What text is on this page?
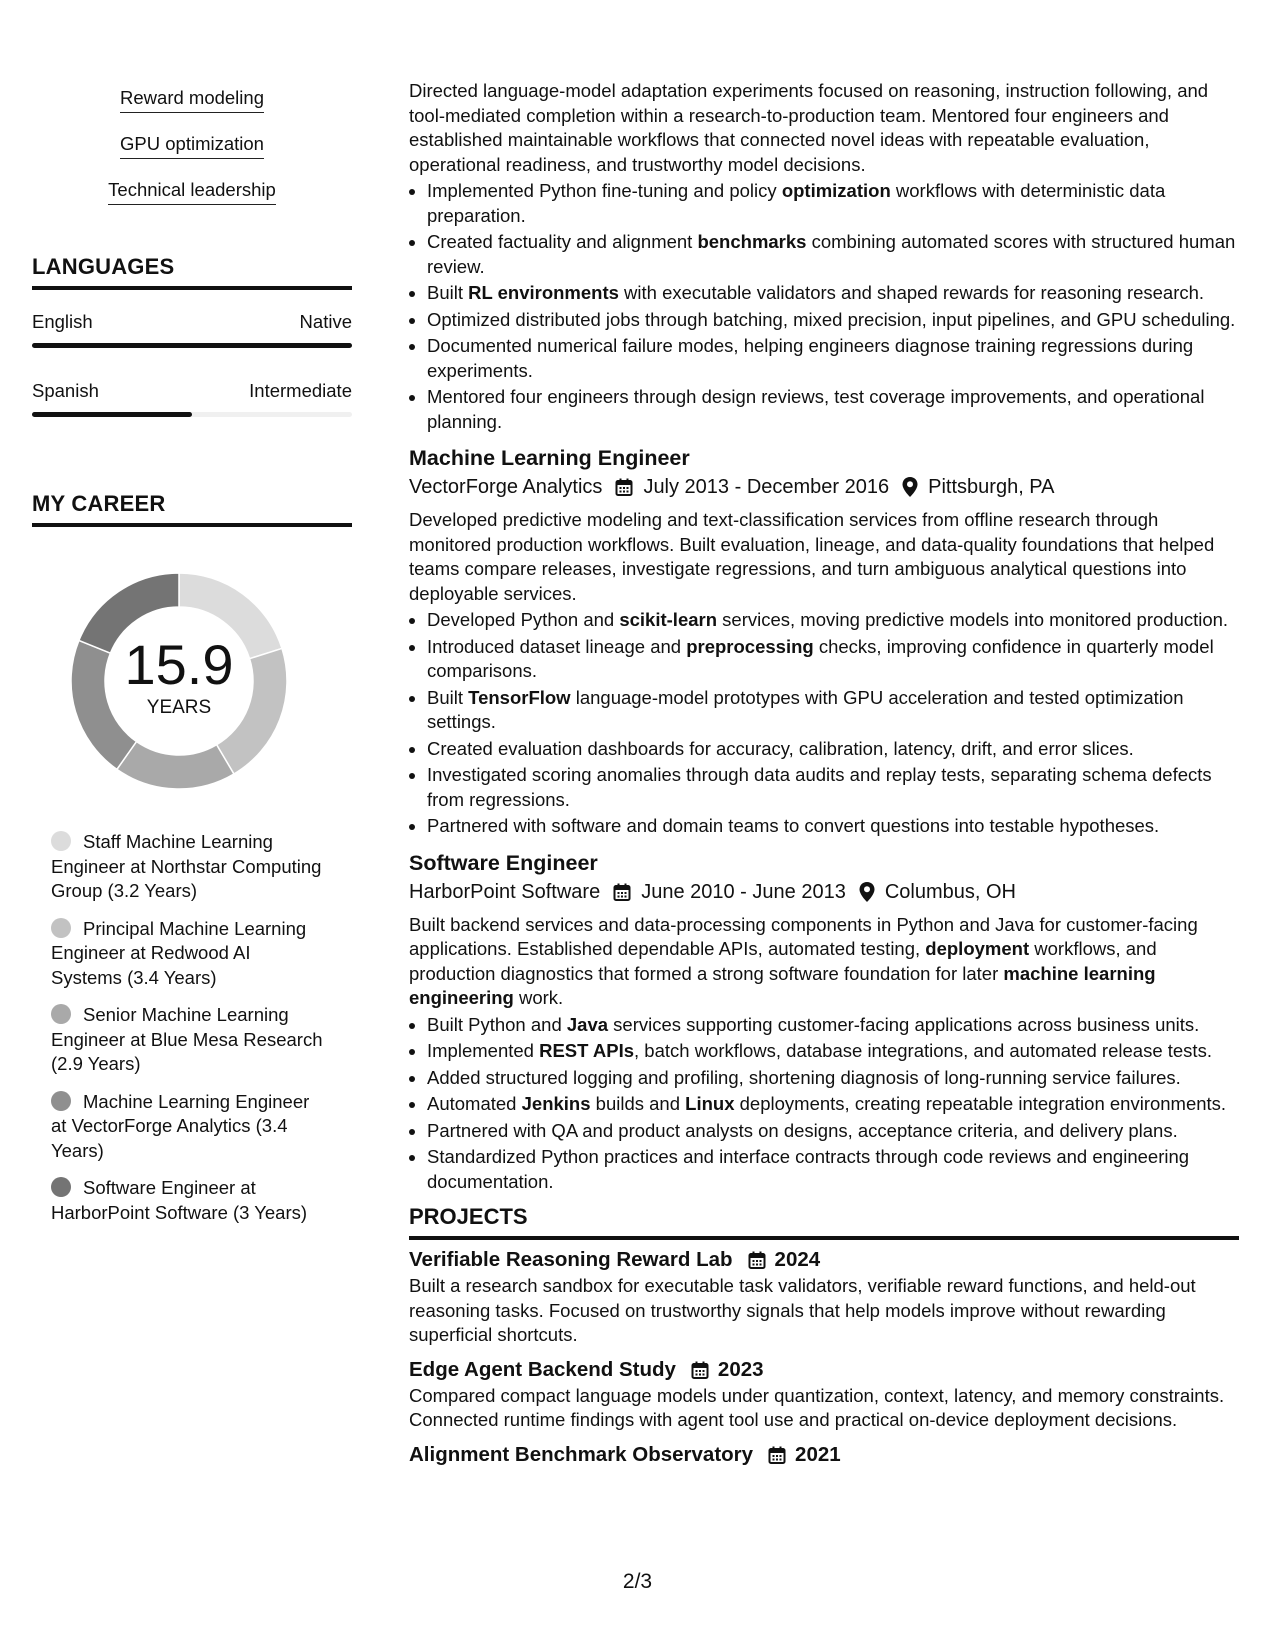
Reward modeling
GPU optimization
Technical leadership
LANGUAGES
English	Native
Spanish	Intermediate
MY CAREER
15.9
YEARS
Staff Machine Learning Engineer at Northstar Computing Group (3.2 Years)
Principal Machine Learning Engineer at Redwood AI Systems (3.4 Years)
Senior Machine Learning Engineer at Blue Mesa Research (2.9 Years)
Machine Learning Engineer at VectorForge Analytics (3.4 Years)
Software Engineer at HarborPoint Software (3 Years)

Directed language-model adaptation experiments focused on reasoning, instruction following, and tool-mediated completion within a research-to-production team. Mentored four engineers and established maintainable workflows that connected novel ideas with repeatable evaluation, operational readiness, and trustworthy model decisions.

• Implemented Python fine-tuning and policy optimization workflows with deterministic data preparation.
• Created factuality and alignment benchmarks combining automated scores with structured human review.
• Built RL environments with executable validators and shaped rewards for reasoning research.
• Optimized distributed jobs through batching, mixed precision, input pipelines, and GPU scheduling.
• Documented numerical failure modes, helping engineers diagnose training regressions during experiments.
• Mentored four engineers through design reviews, test coverage improvements, and operational planning.
Machine Learning Engineer
VectorForge Analytics July 2013 - December 2016 Pittsburgh, PA

Developed predictive modeling and text-classification services from offline research through monitored production workflows. Built evaluation, lineage, and data-quality foundations that helped teams compare releases, investigate regressions, and turn ambiguous analytical questions into deployable services.

• Developed Python and scikit-learn services, moving predictive models into monitored production.
• Introduced dataset lineage and preprocessing checks, improving confidence in quarterly model comparisons.
• Built TensorFlow language-model prototypes with GPU acceleration and tested optimization settings.
• Created evaluation dashboards for accuracy, calibration, latency, drift, and error slices.
• Investigated scoring anomalies through data audits and replay tests, separating schema defects from regressions.
• Partnered with software and domain teams to convert questions into testable hypotheses.
Software Engineer
HarborPoint Software June 2010 - June 2013 Columbus, OH

Built backend services and data-processing components in Python and Java for customer-facing applications. Established dependable APIs, automated testing, deployment workflows, and production diagnostics that formed a strong software foundation for later machine learning engineering work.

• Built Python and Java services supporting customer-facing applications across business units.
• Implemented REST APIs, batch workflows, database integrations, and automated release tests.
• Added structured logging and profiling, shortening diagnosis of long-running service failures.
• Automated Jenkins builds and Linux deployments, creating repeatable integration environments.
• Partnered with QA and product analysts on designs, acceptance criteria, and delivery plans.
• Standardized Python practices and interface contracts through code reviews and engineering documentation.
PROJECTS
Verifiable Reasoning Reward Lab 2024

Built a research sandbox for executable task validators, verifiable reward functions, and held-out reasoning tasks. Focused on trustworthy signals that help models improve without rewarding superficial shortcuts.

Edge Agent Backend Study 2023

Compared compact language models under quantization, context, latency, and memory constraints. Connected runtime findings with agent tool use and practical on-device deployment decisions.

Alignment Benchmark Observatory 2021
2/3
